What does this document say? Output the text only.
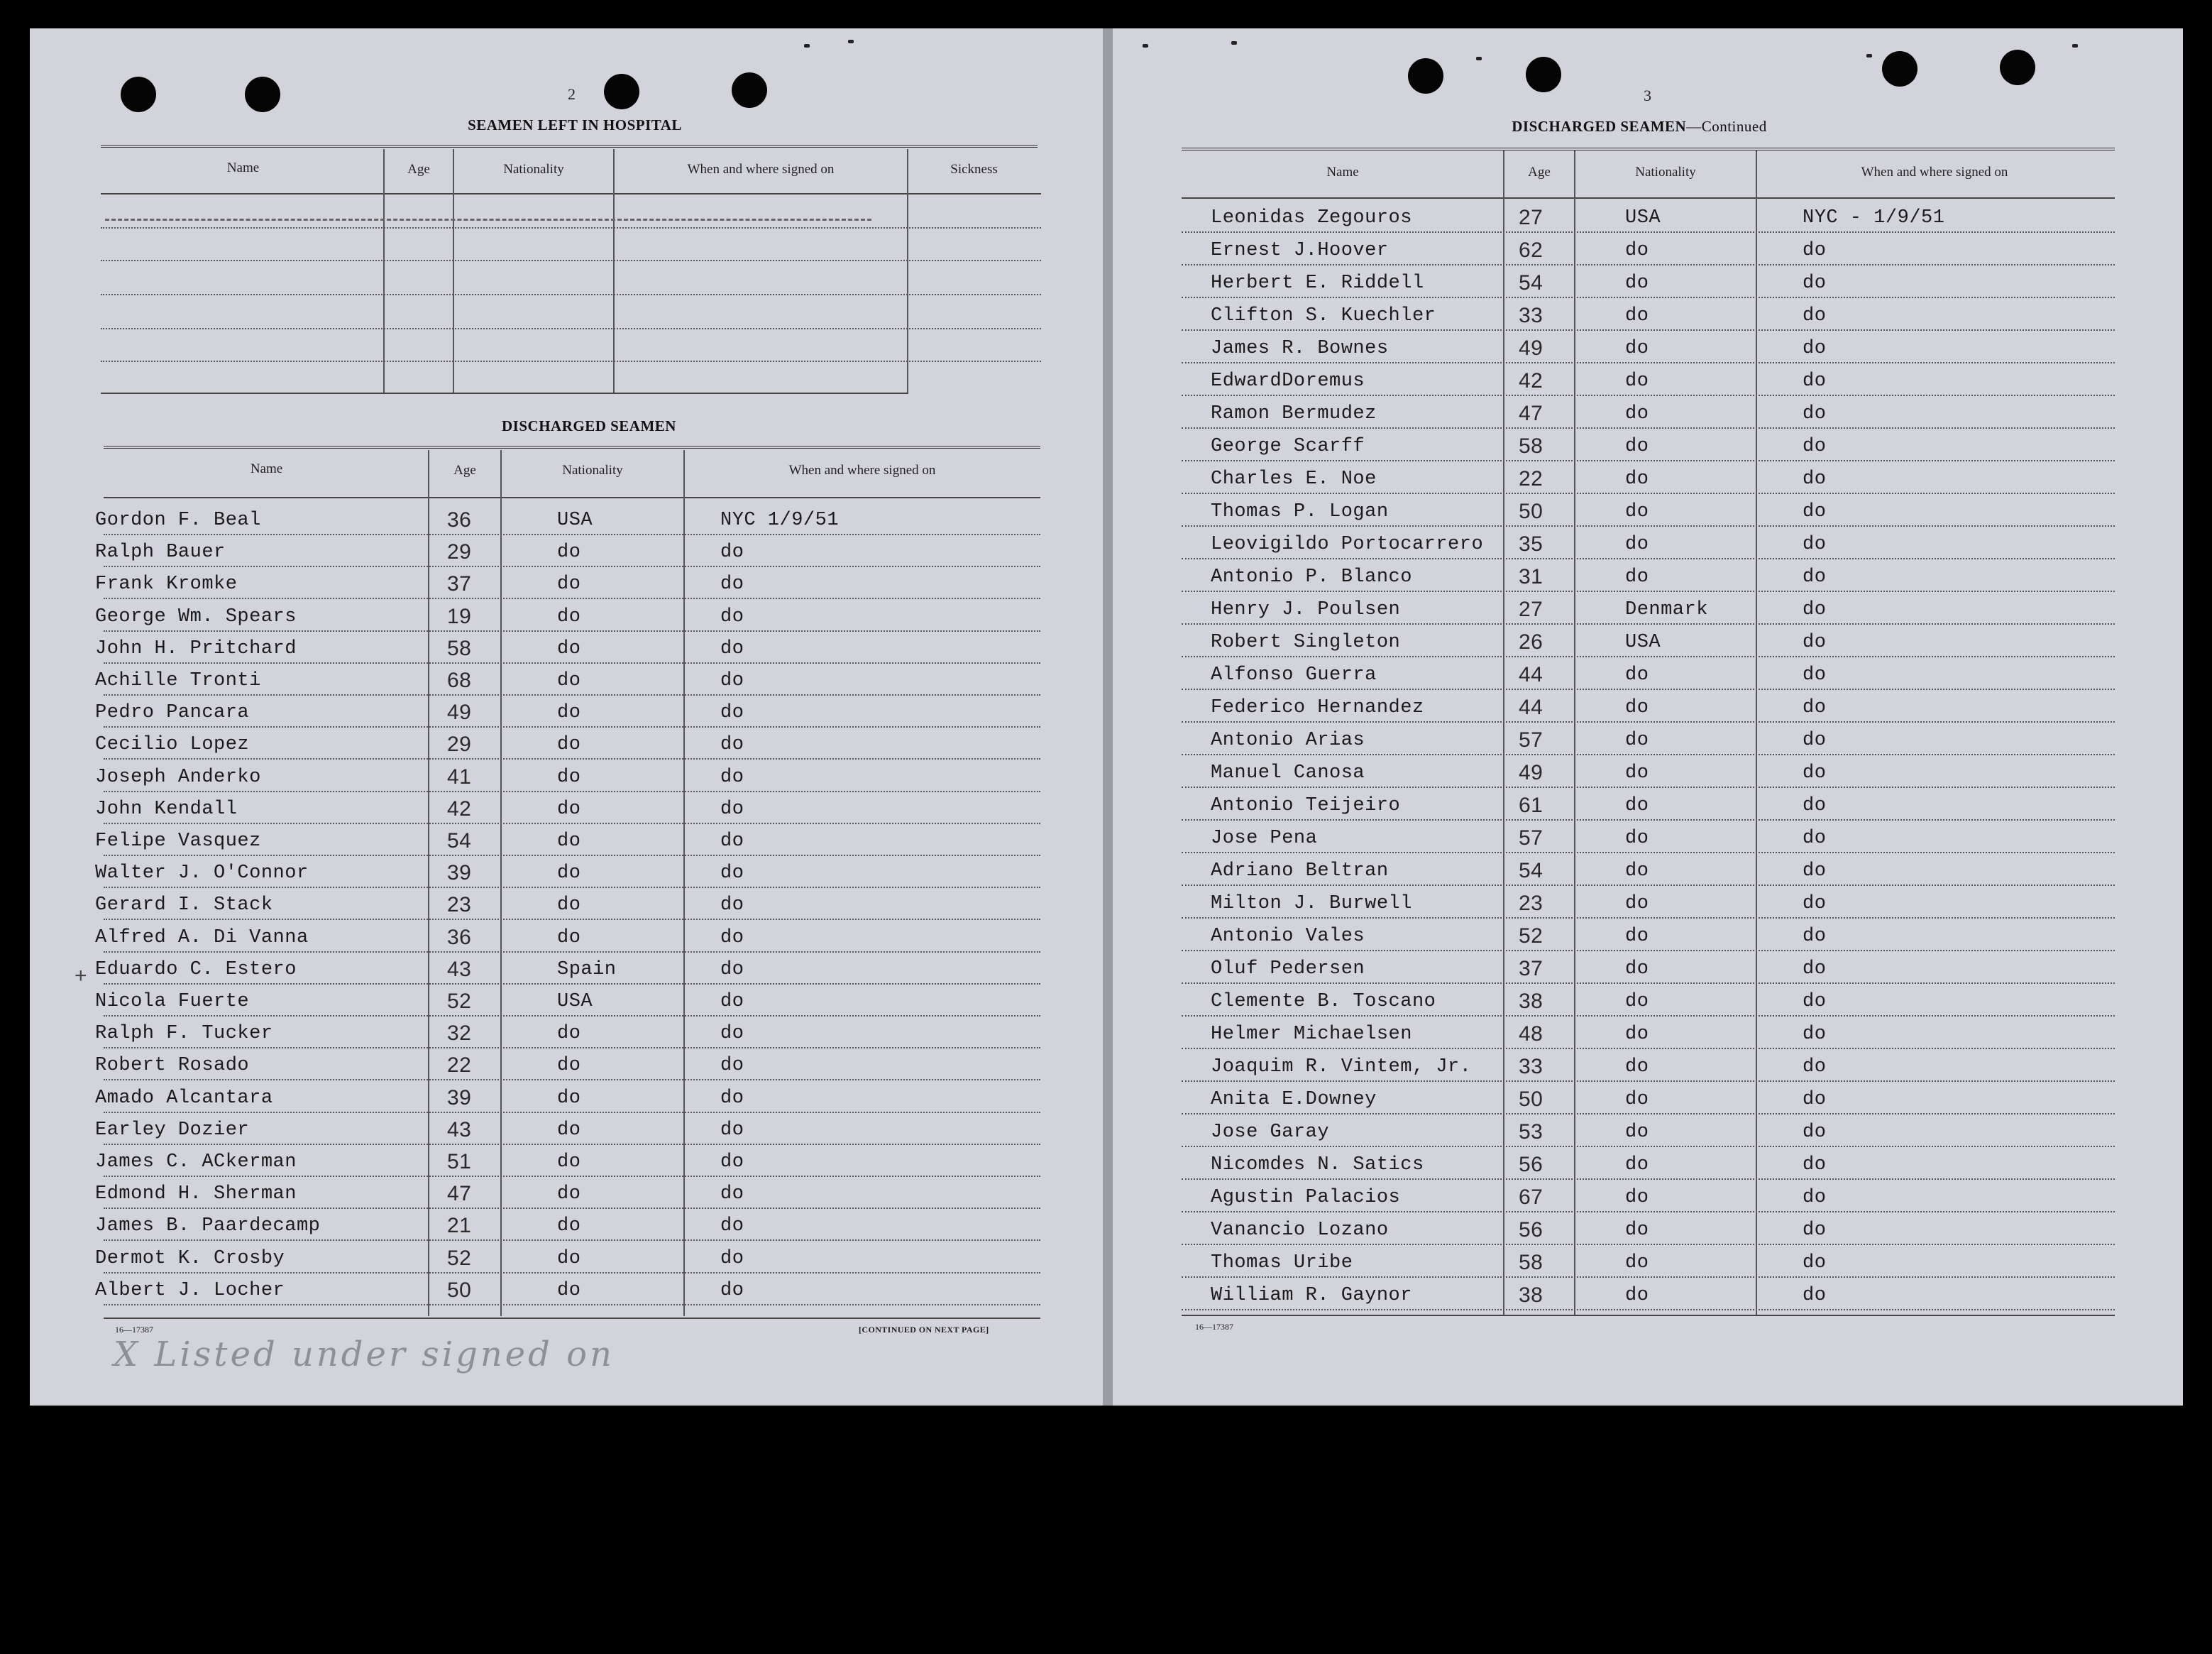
2
SEAMEN LEFT IN HOSPITAL
Name	Age	Nationality	When and where signed on	Sickness
DISCHARGED SEAMEN
Name	Age	Nationality	When and where signed on
Gordon F. Beal	36	USA	NYC 1/9/51
Ralph Bauer	29	do	do
Frank Kromke	37	do	do
George Wm. Spears	19	do	do
John H. Pritchard	58	do	do
Achille Tronti	68	do	do
Pedro Pancara	49	do	do
Cecilio Lopez	29	do	do
Joseph Anderko	41	do	do
John Kendall	42	do	do
Felipe Vasquez	54	do	do
Walter J. O'Connor	39	do	do
Gerard I. Stack	23	do	do
Alfred A. Di Vanna	36	do	do
Eduardo C. Estero	43	Spain	do
Nicola Fuerte	52	USA	do
Ralph F. Tucker	32	do	do
Robert Rosado	22	do	do
Amado Alcantara	39	do	do
Earley Dozier	43	do	do
James C. ACkerman	51	do	do
Edmond H. Sherman	47	do	do
James B. Paardecamp	21	do	do
Dermot K. Crosby	52	do	do
Albert J. Locher	50	do	do
+
16—17387	[CONTINUED ON NEXT PAGE]
X Listed under signed on
3
DISCHARGED SEAMEN—Continued
Name	Age	Nationality	When and where signed on
Leonidas Zegouros	27	USA	NYC - 1/9/51
Ernest J.Hoover	62	do	do
Herbert E. Riddell	54	do	do
Clifton S. Kuechler	33	do	do
James R. Bownes	49	do	do
EdwardDoremus	42	do	do
Ramon Bermudez	47	do	do
George Scarff	58	do	do
Charles E. Noe	22	do	do
Thomas P. Logan	50	do	do
Leovigildo Portocarrero 35	do	do
Antonio P. Blanco	31	do	do
Henry J. Poulsen	27	Denmark	do
Robert Singleton	26	USA	do
Alfonso Guerra	44	do	do
Federico Hernandez	44	do	do
Antonio Arias	57	do	do
Manuel Canosa	49	do	do
Antonio Teijeiro	61	do	do
Jose Pena	57	do	do
Adriano Beltran	54	do	do
Milton J. Burwell	23	do	do
Antonio Vales	52	do	do
Oluf Pedersen	37	do	do
Clemente B. Toscano	38	do	do
Helmer Michaelsen	48	do	do
Joaquim R. Vintem, Jr. 33	do	do
Anita E.Downey	50	do	do
Jose Garay	53	do	do
Nicomdes N. Satics	56	do	do
Agustin Palacios	67	do	do
Vanancio Lozano	56	do	do
Thomas Uribe	58	do	do
William R. Gaynor	38	do	do
16—17387
